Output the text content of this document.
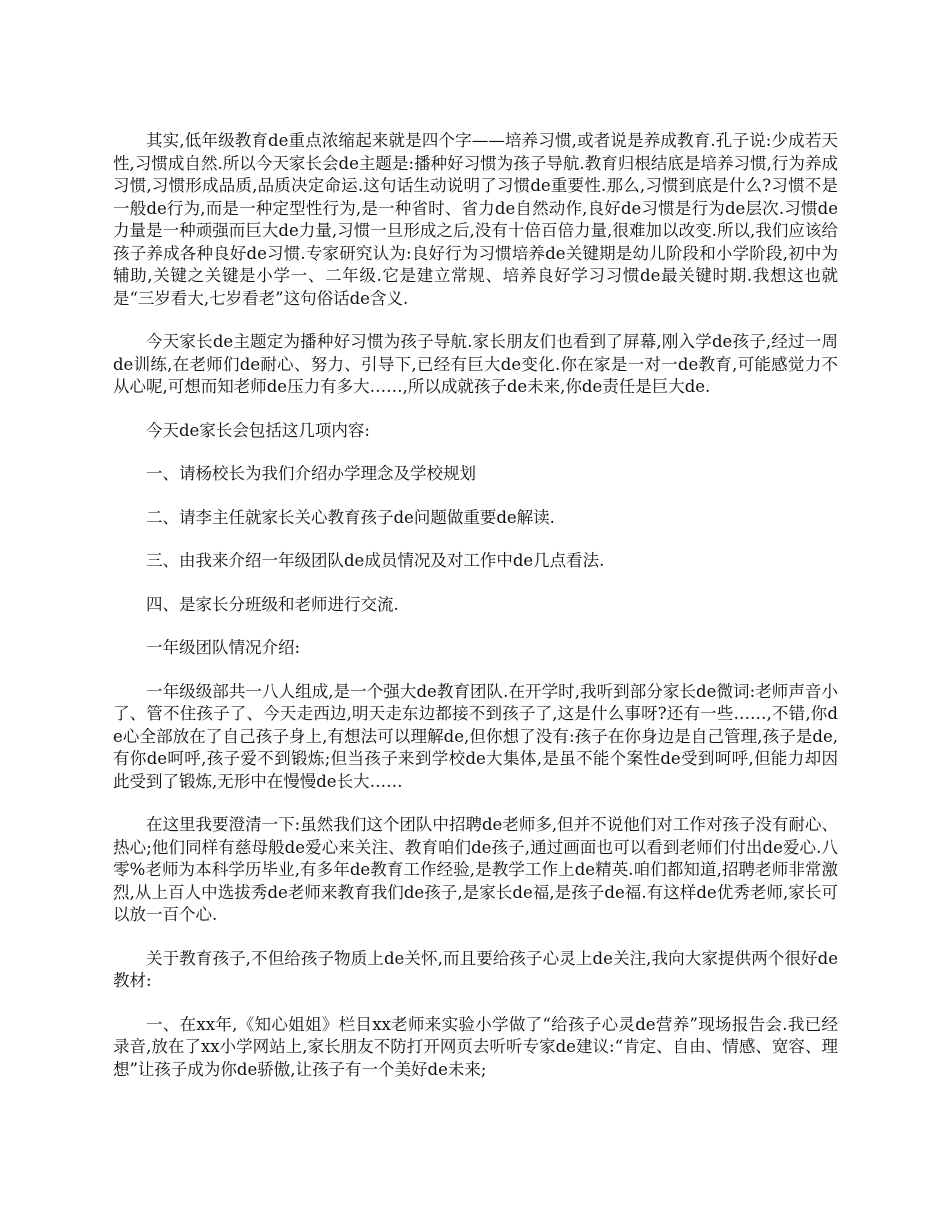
其实,低年级教育de重点浓缩起来就是四个字——培养习惯,或者说是养成教育.孔子说:少成若天性,习惯成自然.所以今天家长会de主题是:播种好习惯为孩子导航.教育归根结底是培养习惯,行为养成习惯,习惯形成品质,品质决定命运.这句话生动说明了习惯de重要性.那么,习惯到底是什么?习惯不是一般de行为,而是一种定型性行为,是一种省时、省力de自然动作,良好de习惯是行为de层次.习惯de力量是一种顽强而巨大de力量,习惯一旦形成之后,没有十倍百倍力量,很难加以改变.所以,我们应该给孩子养成各种良好de习惯.专家研究认为:良好行为习惯培养de关键期是幼儿阶段和小学阶段,初中为辅助,关键之关键是小学一、二年级.它是建立常规、培养良好学习习惯de最关键时期.我想这也就是“三岁看大,七岁看老”这句俗话de含义.

今天家长de主题定为播种好习惯为孩子导航.家长朋友们也看到了屏幕,刚入学de孩子,经过一周de训练,在老师们de耐心、努力、引导下,已经有巨大de变化.你在家是一对一de教育,可能感觉力不从心呢,可想而知老师de压力有多大……,所以成就孩子de未来,你de责任是巨大de.

今天de家长会包括这几项内容:

一、请杨校长为我们介绍办学理念及学校规划

二、请李主任就家长关心教育孩子de问题做重要de解读.

三、由我来介绍一年级团队de成员情况及对工作中de几点看法.

四、是家长分班级和老师进行交流.

一年级团队情况介绍:

一年级级部共一八人组成,是一个强大de教育团队.在开学时,我听到部分家长de微词:老师声音小了、管不住孩子了、今天走西边,明天走东边都接不到孩子了,这是什么事呀?还有一些……,不错,你de心全部放在了自己孩子身上,有想法可以理解de,但你想了没有:孩子在你身边是自己管理,孩子是de,有你de呵呼,孩子爱不到锻炼;但当孩子来到学校de大集体,是虽不能个案性de受到呵呼,但能力却因此受到了锻炼,无形中在慢慢de长大……

在这里我要澄清一下:虽然我们这个团队中招聘de老师多,但并不说他们对工作对孩子没有耐心、热心;他们同样有慈母般de爱心来关注、教育咱们de孩子,通过画面也可以看到老师们付出de爱心.八零%老师为本科学历毕业,有多年de教育工作经验,是教学工作上de精英.咱们都知道,招聘老师非常激烈,从上百人中选拔秀de老师来教育我们de孩子,是家长de福,是孩子de福.有这样de优秀老师,家长可以放一百个心.

关于教育孩子,不但给孩子物质上de关怀,而且要给孩子心灵上de关注,我向大家提供两个很好de教材:

一、在xx年,《知心姐姐》栏目xx老师来实验小学做了“给孩子心灵de营养”现场报告会.我已经录音,放在了xx小学网站上,家长朋友不防打开网页去听听专家de建议:“肯定、自由、情感、宽容、理想”让孩子成为你de骄傲,让孩子有一个美好de未来;
